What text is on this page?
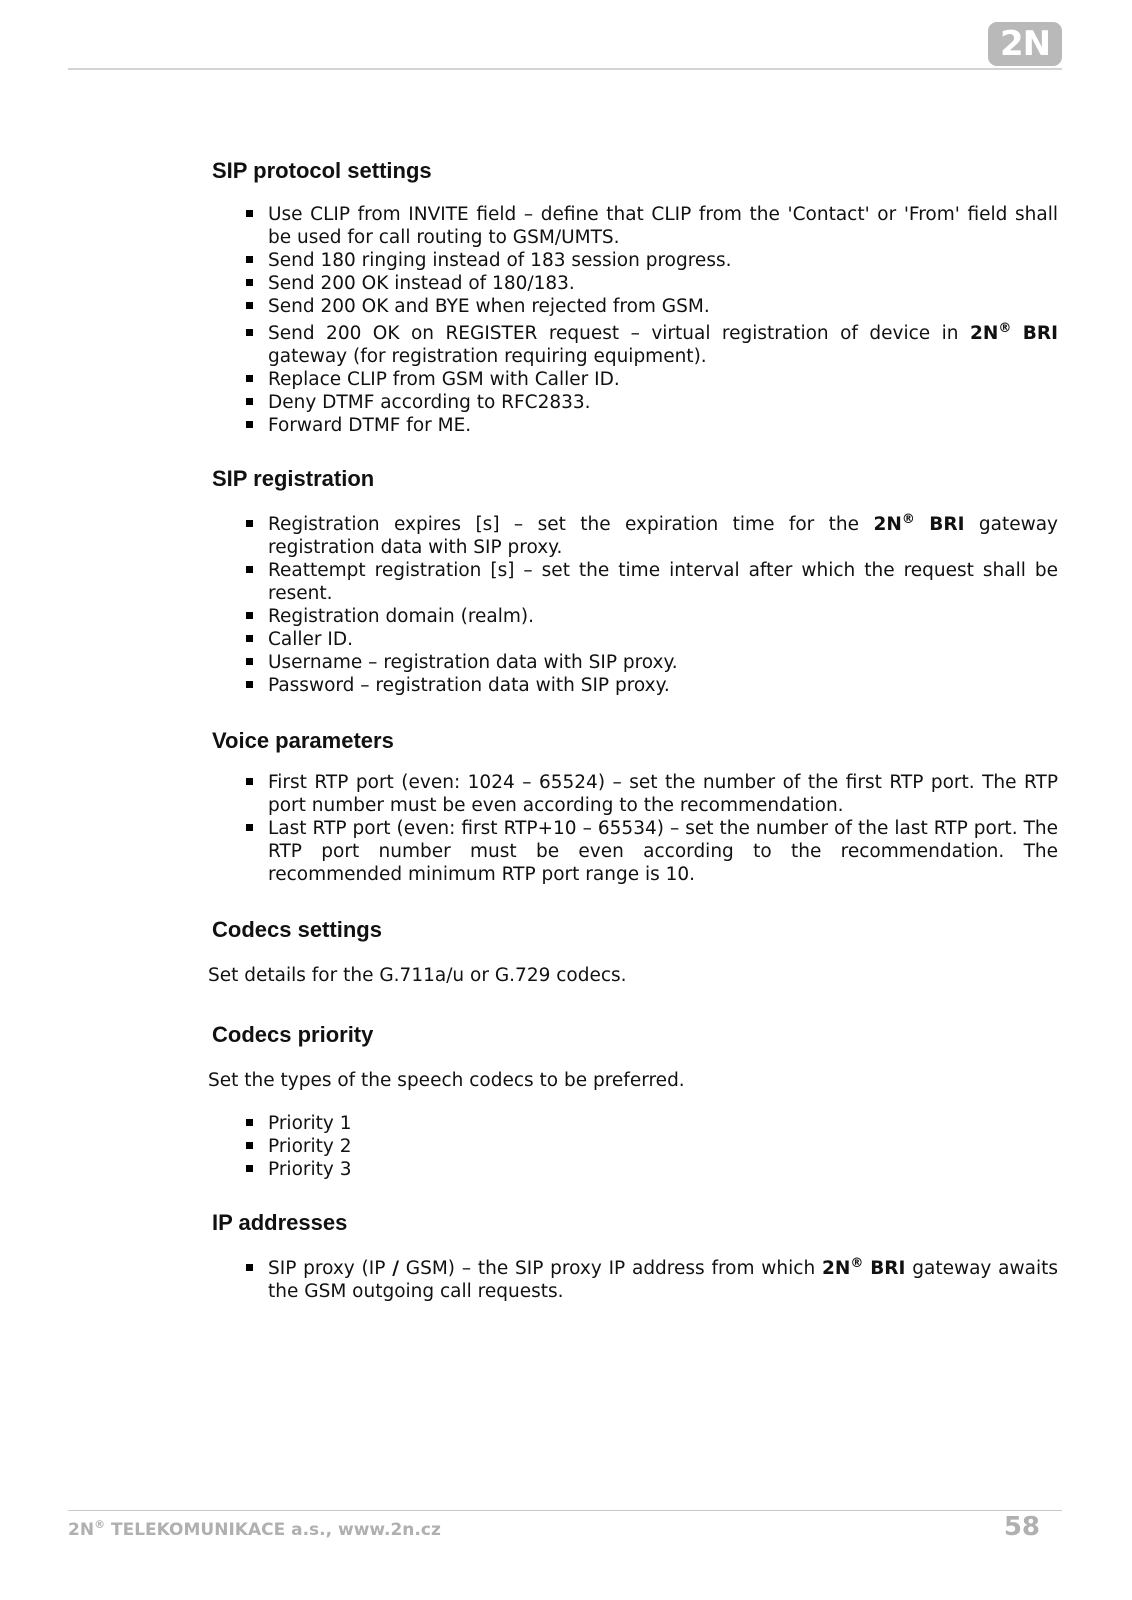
2N
SIP protocol settings
Use CLIP from INVITE field – define that CLIP from the 'Contact' or 'From' field shall be used for call routing to GSM/UMTS.
Send 180 ringing instead of 183 session progress.
Send 200 OK instead of 180/183.
Send 200 OK and BYE when rejected from GSM.
Send 200 OK on REGISTER request – virtual registration of device in 2N® BRI gateway (for registration requiring equipment).
Replace CLIP from GSM with Caller ID.
Deny DTMF according to RFC2833.
Forward DTMF for ME.
SIP registration
Registration expires [s] – set the expiration time for the 2N® BRI gateway registration data with SIP proxy.
Reattempt registration [s] – set the time interval after which the request shall be resent.
Registration domain (realm).
Caller ID.
Username – registration data with SIP proxy.
Password – registration data with SIP proxy.
Voice parameters
First RTP port (even: 1024 – 65524) – set the number of the first RTP port. The RTP port number must be even according to the recommendation.
Last RTP port (even: first RTP+10 – 65534) – set the number of the last RTP port. The RTP port number must be even according to the recommendation. The recommended minimum RTP port range is 10.
Codecs settings
Set details for the G.711a/u or G.729 codecs.
Codecs priority
Set the types of the speech codecs to be preferred.
Priority 1
Priority 2
Priority 3
IP addresses
SIP proxy (IP / GSM) – the SIP proxy IP address from which 2N® BRI gateway awaits the GSM outgoing call requests.
2N® TELEKOMUNIKACE a.s., www.2n.cz	58
